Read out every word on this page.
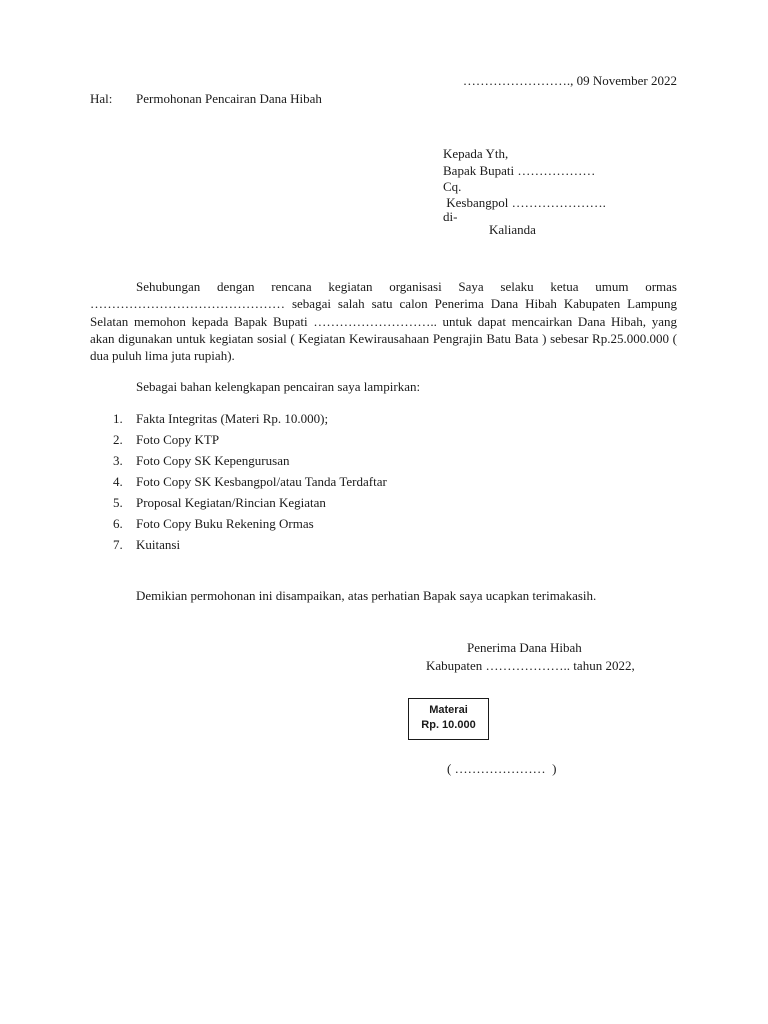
……………………., 09 November 2022
Hal: Permohonan Pencairan Dana Hibah
Kepada Yth,
Bapak Bupati ………………
Cq.
Kesbangpol ………………….
di-
Kalianda

Sehubungan dengan rencana kegiatan organisasi Saya selaku ketua umum ormas ……………………………………… sebagai salah satu calon Penerima Dana Hibah Kabupaten Lampung Selatan memohon kepada Bapak Bupati ……………………….. untuk dapat mencairkan Dana Hibah, yang akan digunakan untuk kegiatan sosial ( Kegiatan Kewirausahaan Pengrajin Batu Bata ) sebesar Rp.25.000.000 ( dua puluh lima juta rupiah).

Sebagai bahan kelengkapan pencairan saya lampirkan:

1.	Fakta Integritas (Materi Rp. 10.000);
2.	Foto Copy KTP
3.	Foto Copy SK Kepengurusan
4.	Foto Copy SK Kesbangpol/atau Tanda Terdaftar
5.	Proposal Kegiatan/Rincian Kegiatan
6.	Foto Copy Buku Rekening Ormas
7.	Kuitansi
Demikian permohonan ini disampaikan, atas perhatian Bapak saya ucapkan terimakasih.
Penerima Dana Hibah
Kabupaten ……………….. tahun 2022,
Materai
Rp. 10.000
( …………………  )
